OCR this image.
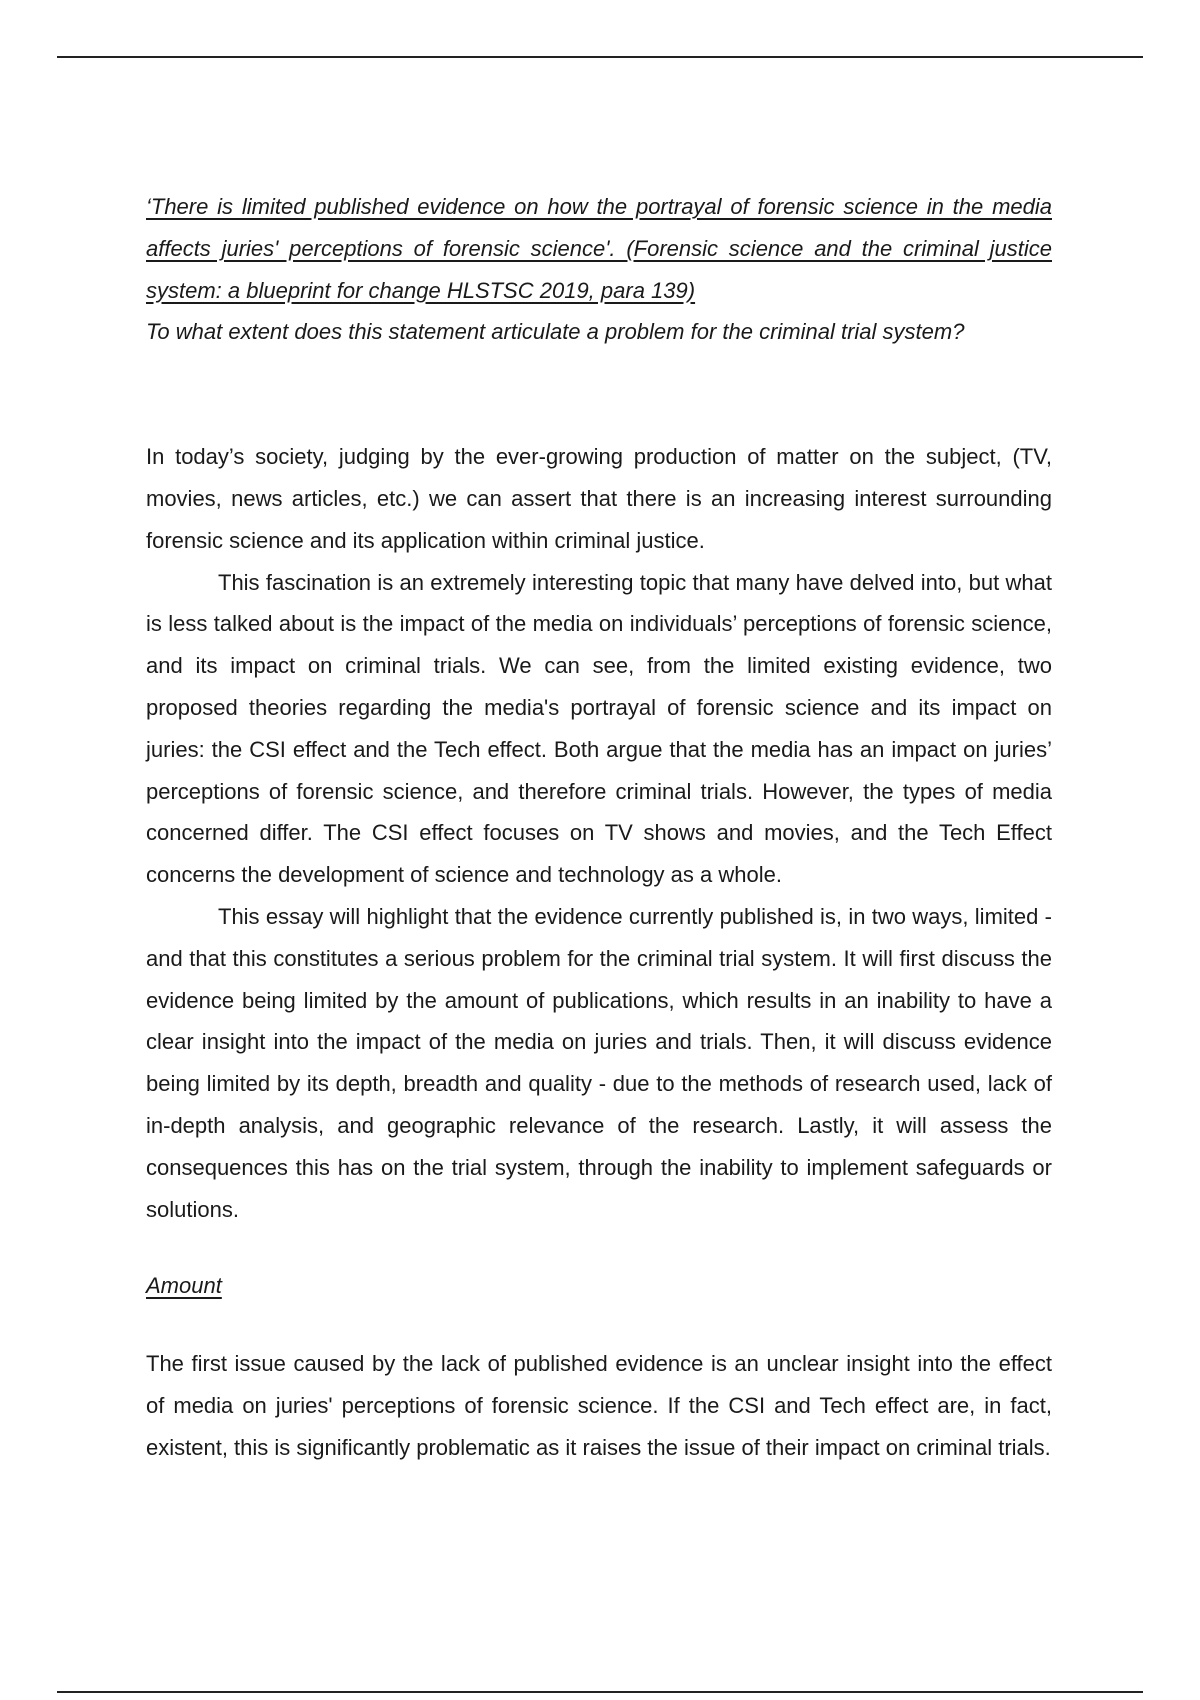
‘There is limited published evidence on how the portrayal of forensic science in the media affects juries' perceptions of forensic science'. (Forensic science and the criminal justice system: a blueprint for change HLSTSC 2019, para 139)

To what extent does this statement articulate a problem for the criminal trial system?

In today’s society, judging by the ever-growing production of matter on the subject, (TV, movies, news articles, etc.) we can assert that there is an increasing interest surrounding forensic science and its application within criminal justice.

This fascination is an extremely interesting topic that many have delved into, but what is less talked about is the impact of the media on individuals’ perceptions of forensic science, and its impact on criminal trials. We can see, from the limited existing evidence, two proposed theories regarding the media's portrayal of forensic science and its impact on juries: the CSI effect and the Tech effect. Both argue that the media has an impact on juries’ perceptions of forensic science, and therefore criminal trials. However, the types of media concerned differ. The CSI effect focuses on TV shows and movies, and the Tech Effect concerns the development of science and technology as a whole.

This essay will highlight that the evidence currently published is, in two ways, limited - and that this constitutes a serious problem for the criminal trial system. It will first discuss the evidence being limited by the amount of publications, which results in an inability to have a clear insight into the impact of the media on juries and trials. Then, it will discuss evidence being limited by its depth, breadth and quality - due to the methods of research used, lack of in-depth analysis, and geographic relevance of the research. Lastly, it will assess the consequences this has on the trial system, through the inability to implement safeguards or solutions.

Amount

The first issue caused by the lack of published evidence is an unclear insight into the effect of media on juries' perceptions of forensic science. If the CSI and Tech effect are, in fact, existent, this is significantly problematic as it raises the issue of their impact on criminal trials.
